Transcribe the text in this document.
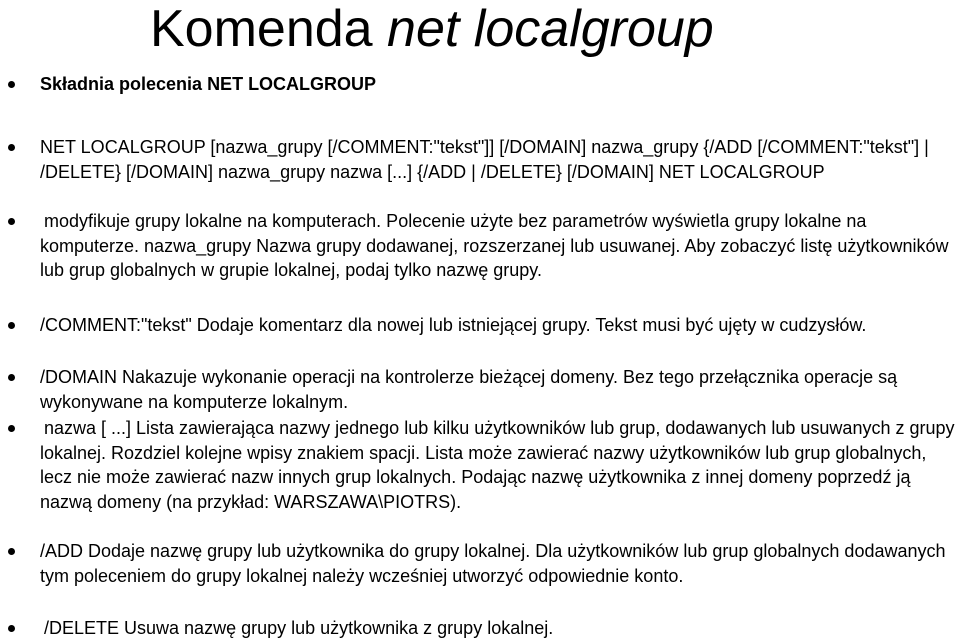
Komenda net localgroup
Składnia polecenia NET LOCALGROUP
NET LOCALGROUP [nazwa_grupy [/COMMENT:"tekst"]] [/DOMAIN] nazwa_grupy {/ADD [/COMMENT:"tekst"] | /DELETE} [/DOMAIN] nazwa_grupy nazwa [...] {/ADD | /DELETE} [/DOMAIN] NET LOCALGROUP
modyfikuje grupy lokalne na komputerach. Polecenie użyte bez parametrów wyświetla grupy lokalne na komputerze. nazwa_grupy Nazwa grupy dodawanej, rozszerzanej lub usuwanej. Aby zobaczyć listę użytkowników lub grup globalnych w grupie lokalnej, podaj tylko nazwę grupy.
/COMMENT:"tekst" Dodaje komentarz dla nowej lub istniejącej grupy. Tekst musi być ujęty w cudzysłów.
/DOMAIN Nakazuje wykonanie operacji na kontrolerze bieżącej domeny. Bez tego przełącznika operacje są wykonywane na komputerze lokalnym.
nazwa [ ...] Lista zawierająca nazwy jednego lub kilku użytkowników lub grup, dodawanych lub usuwanych z grupy lokalnej. Rozdziel kolejne wpisy znakiem spacji. Lista może zawierać nazwy użytkowników lub grup globalnych, lecz nie może zawierać nazw innych grup lokalnych. Podając nazwę użytkownika z innej domeny poprzedź ją nazwą domeny (na przykład: WARSZAWA\PIOTRS).
/ADD Dodaje nazwę grupy lub użytkownika do grupy lokalnej. Dla użytkowników lub grup globalnych dodawanych tym poleceniem do grupy lokalnej należy wcześniej utworzyć odpowiednie konto.
/DELETE Usuwa nazwę grupy lub użytkownika z grupy lokalnej.
